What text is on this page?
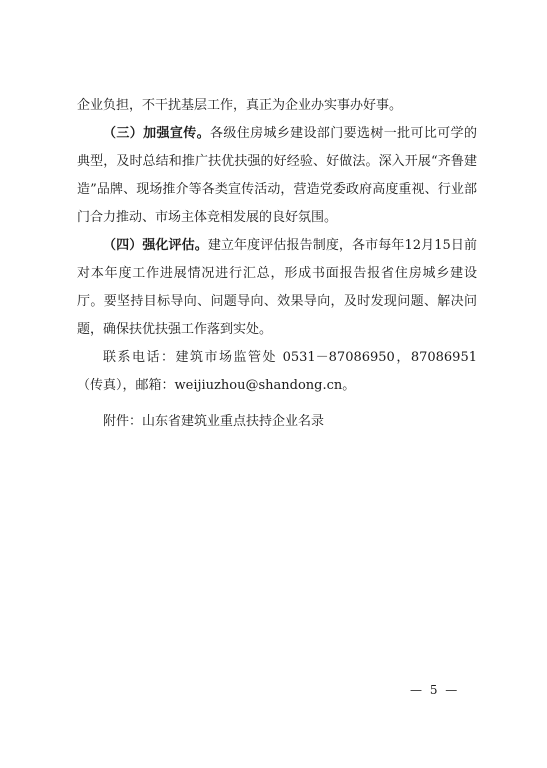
企业负担，不干扰基层工作，真正为企业办实事办好事。

（三）加强宣传。各级住房城乡建设部门要选树一批可比可学的典型，及时总结和推广扶优扶强的好经验、好做法。深入开展“齐鲁建造”品牌、现场推介等各类宣传活动，营造党委政府高度重视、行业部门合力推动、市场主体竞相发展的良好氛围。

（四）强化评估。建立年度评估报告制度，各市每年12月15日前对本年度工作进展情况进行汇总，形成书面报告报省住房城乡建设厅。要坚持目标导向、问题导向、效果导向，及时发现问题、解决问题，确保扶优扶强工作落到实处。

联系电话：建筑市场监管处 0531－87086950，87086951（传真），邮箱：weijiuzhou@shandong.cn。

附件：山东省建筑业重点扶持企业名录
— 5 —
